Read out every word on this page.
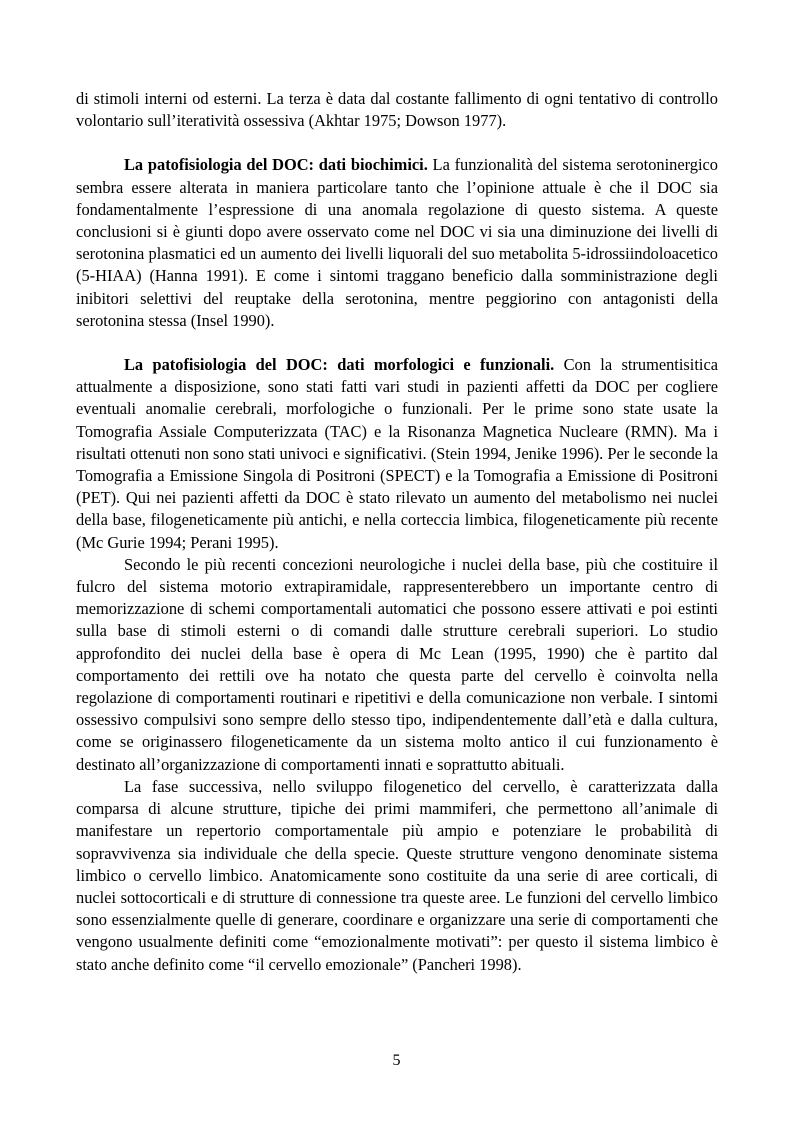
di stimoli interni od esterni. La terza è data dal costante fallimento di ogni tentativo di controllo volontario sull’iteratività ossessiva (Akhtar 1975; Dowson 1977).

La patofisiologia del DOC: dati biochimici. La funzionalità del sistema serotoninergico sembra essere alterata in maniera particolare tanto che l’opinione attuale è che il DOC sia fondamentalmente l’espressione di una anomala regolazione di questo sistema. A queste conclusioni si è giunti dopo avere osservato come nel DOC vi sia una diminuzione dei livelli di serotonina plasmatici ed un aumento dei livelli liquorali del suo metabolita 5-idrossiindoloacetico (5-HIAA) (Hanna 1991). E come i sintomi traggano beneficio dalla somministrazione degli inibitori selettivi del reuptake della serotonina, mentre peggiorino con antagonisti della serotonina stessa (Insel 1990).

La patofisiologia del DOC: dati morfologici e funzionali. Con la strumentisitica attualmente a disposizione, sono stati fatti vari studi in pazienti affetti da DOC per cogliere eventuali anomalie cerebrali, morfologiche o funzionali. Per le prime sono state usate la Tomografia Assiale Computerizzata (TAC) e la Risonanza Magnetica Nucleare (RMN). Ma i risultati ottenuti non sono stati univoci e significativi. (Stein 1994, Jenike 1996). Per le seconde la Tomografia a Emissione Singola di Positroni (SPECT) e la Tomografia a Emissione di Positroni (PET). Qui nei pazienti affetti da DOC è stato rilevato un aumento del metabolismo nei nuclei della base, filogeneticamente più antichi, e nella corteccia limbica, filogeneticamente più recente (Mc Gurie 1994; Perani 1995).

Secondo le più recenti concezioni neurologiche i nuclei della base, più che costituire il fulcro del sistema motorio extrapiramidale, rappresenterebbero un importante centro di memorizzazione di schemi comportamentali automatici che possono essere attivati e poi estinti sulla base di stimoli esterni o di comandi dalle strutture cerebrali superiori. Lo studio approfondito dei nuclei della base è opera di Mc Lean (1995, 1990) che è partito dal comportamento dei rettili ove ha notato che questa parte del cervello è coinvolta nella regolazione di comportamenti routinari e ripetitivi e della comunicazione non verbale. I sintomi ossessivo compulsivi sono sempre dello stesso tipo, indipendentemente dall’età e dalla cultura, come se originassero filogeneticamente da un sistema molto antico il cui funzionamento è destinato all’organizzazione di comportamenti innati e soprattutto abituali.

La fase successiva, nello sviluppo filogenetico del cervello, è caratterizzata dalla comparsa di alcune strutture, tipiche dei primi mammiferi, che permettono all’animale di manifestare un repertorio comportamentale più ampio e potenziare le probabilità di sopravvivenza sia individuale che della specie. Queste strutture vengono denominate sistema limbico o cervello limbico. Anatomicamente sono costituite da una serie di aree corticali, di nuclei sottocorticali e di strutture di connessione tra queste aree. Le funzioni del cervello limbico sono essenzialmente quelle di generare, coordinare e organizzare una serie di comportamenti che vengono usualmente definiti come “emozionalmente motivati”: per questo il sistema limbico è stato anche definito come “il cervello emozionale” (Pancheri 1998).

5
